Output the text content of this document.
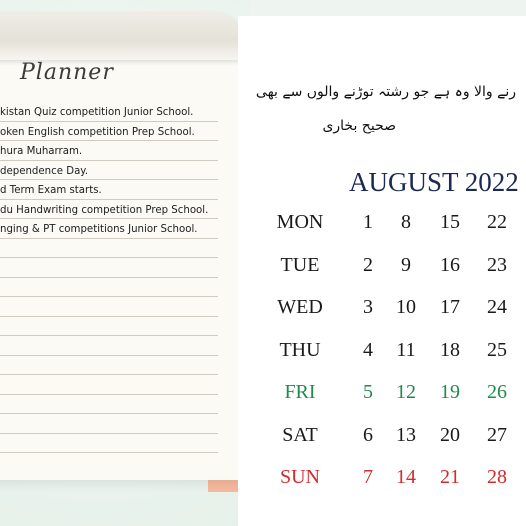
Planner
kistan Quiz competition Junior School.
oken English competition Prep School.
hura Muharram.
dependence Day.
d Term Exam starts.
du Handwriting competition Prep School.
nging & PT competitions Junior School.
رنے والا وہ ہے جو رشتہ توڑنے والوں سے بھی
صحیح بخاری
AUGUST 2022
MON	1	8	15	22
TUE	2	9	16	23
WED	3	10	17	24
THU	4	11	18	25
FRI	5	12	19	26
SAT	6	13	20	27
SUN	7	14	21	28
